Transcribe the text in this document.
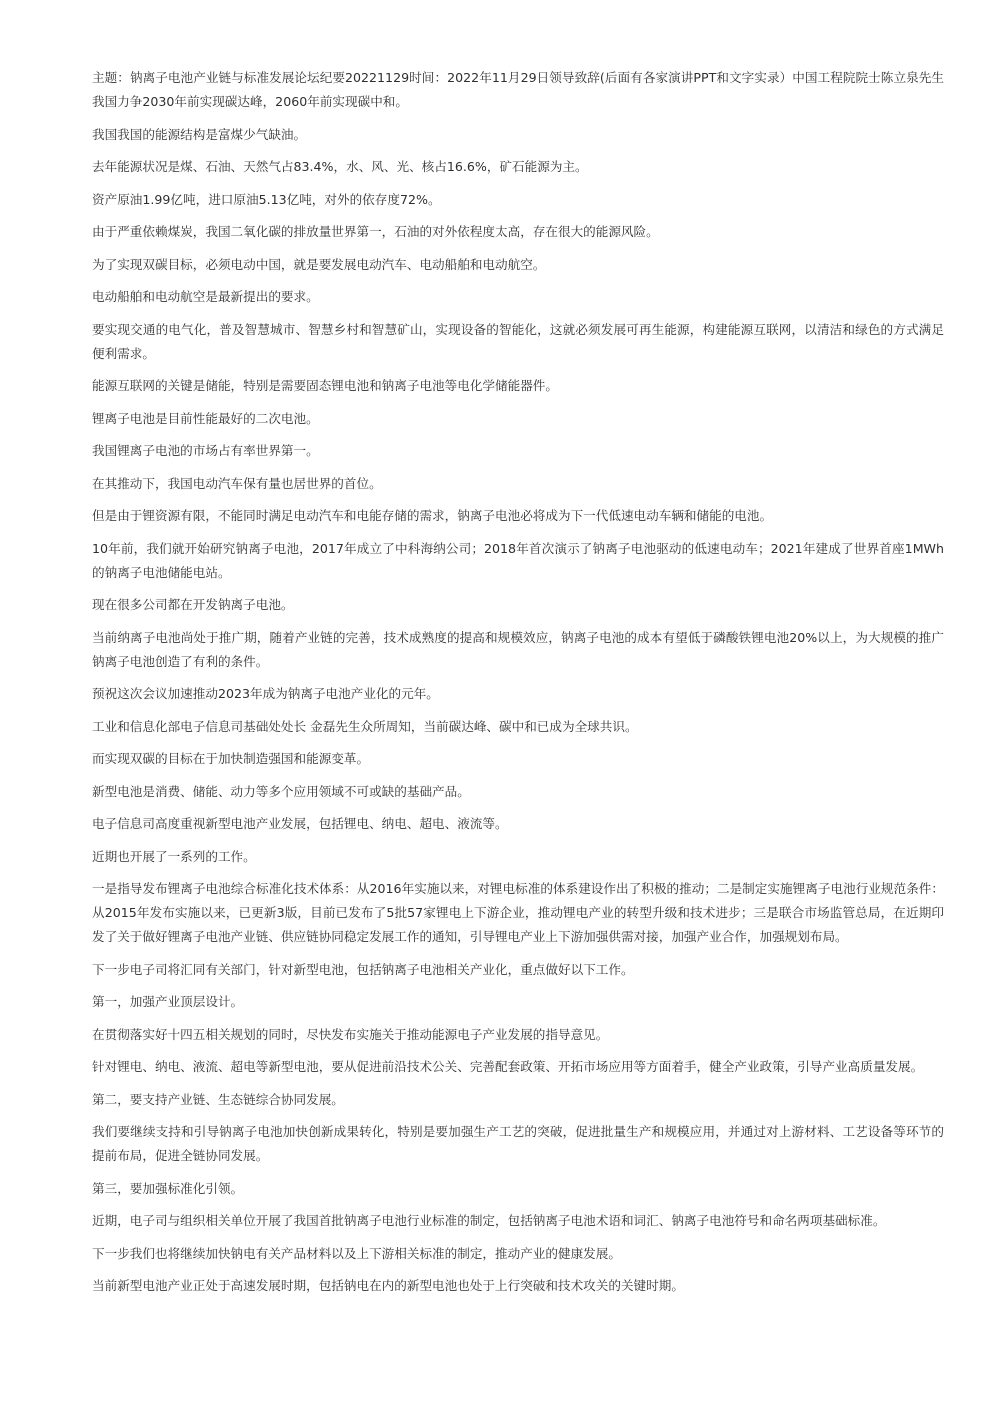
主题：钠离子电池产业链与标准发展论坛纪要20221129时间：2022年11月29日领导致辞(后面有各家演讲PPT和文字实录）中国工程院院士陈立泉先生我国力争2030年前实现碳达峰，2060年前实现碳中和。

我国我国的能源结构是富煤少气缺油。

去年能源状况是煤、石油、天然气占83.4%，水、风、光、核占16.6%，矿石能源为主。

资产原油1.99亿吨，进口原油5.13亿吨，对外的依存度72%。

由于严重依赖煤炭，我国二氧化碳的排放量世界第一，石油的对外依程度太高，存在很大的能源风险。

为了实现双碳目标，必须电动中国，就是要发展电动汽车、电动船舶和电动航空。

电动船舶和电动航空是最新提出的要求。

要实现交通的电气化，普及智慧城市、智慧乡村和智慧矿山，实现设备的智能化，这就必须发展可再生能源，构建能源互联网，以清洁和绿色的方式满足便利需求。

能源互联网的关键是储能，特别是需要固态锂电池和钠离子电池等电化学储能器件。

锂离子电池是目前性能最好的二次电池。

我国锂离子电池的市场占有率世界第一。

在其推动下，我国电动汽车保有量也居世界的首位。

但是由于锂资源有限，不能同时满足电动汽车和电能存储的需求，钠离子电池必将成为下一代低速电动车辆和储能的电池。

10年前，我们就开始研究钠离子电池，2017年成立了中科海纳公司；2018年首次演示了钠离子电池驱动的低速电动车；2021年建成了世界首座1MWh的钠离子电池储能电站。

现在很多公司都在开发钠离子电池。

当前纳离子电池尚处于推广期，随着产业链的完善，技术成熟度的提高和规模效应，钠离子电池的成本有望低于磷酸铁锂电池20%以上，为大规模的推广钠离子电池创造了有利的条件。

预祝这次会议加速推动2023年成为钠离子电池产业化的元年。

工业和信息化部电子信息司基础处处长 金磊先生众所周知，当前碳达峰、碳中和已成为全球共识。

而实现双碳的目标在于加快制造强国和能源变革。

新型电池是消费、储能、动力等多个应用领域不可或缺的基础产品。

电子信息司高度重视新型电池产业发展，包括锂电、纳电、超电、液流等。

近期也开展了一系列的工作。

一是指导发布锂离子电池综合标准化技术体系：从2016年实施以来，对锂电标准的体系建设作出了积极的推动；二是制定实施锂离子电池行业规范条件：从2015年发布实施以来，已更新3版，目前已发布了5批57家锂电上下游企业，推动锂电产业的转型升级和技术进步；三是联合市场监管总局，在近期印发了关于做好锂离子电池产业链、供应链协同稳定发展工作的通知，引导锂电产业上下游加强供需对接，加强产业合作，加强规划布局。

下一步电子司将汇同有关部门，针对新型电池，包括钠离子电池相关产业化，重点做好以下工作。

第一，加强产业顶层设计。

在贯彻落实好十四五相关规划的同时，尽快发布实施关于推动能源电子产业发展的指导意见。

针对锂电、纳电、液流、超电等新型电池，要从促进前沿技术公关、完善配套政策、开拓市场应用等方面着手，健全产业政策，引导产业高质量发展。

第二，要支持产业链、生态链综合协同发展。

我们要继续支持和引导钠离子电池加快创新成果转化，特别是要加强生产工艺的突破，促进批量生产和规模应用，并通过对上游材料、工艺设备等环节的提前布局，促进全链协同发展。

第三，要加强标准化引领。

近期，电子司与组织相关单位开展了我国首批钠离子电池行业标准的制定，包括钠离子电池术语和词汇、钠离子电池符号和命名两项基础标准。

下一步我们也将继续加快钠电有关产品材料以及上下游相关标准的制定，推动产业的健康发展。

当前新型电池产业正处于高速发展时期，包括钠电在内的新型电池也处于上行突破和技术攻关的关键时期。
